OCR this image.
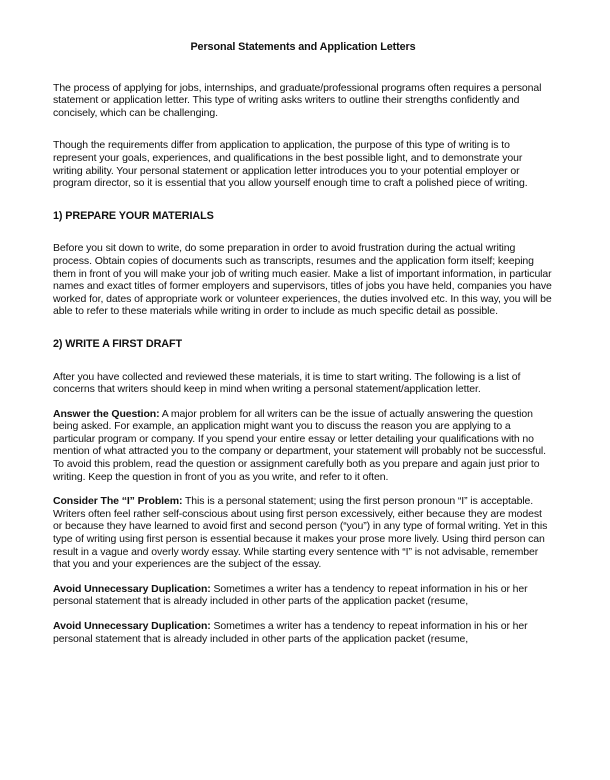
Personal Statements and Application Letters

The process of applying for jobs, internships, and graduate/professional programs often requires a personal statement or application letter. This type of writing asks writers to outline their strengths confidently and concisely, which can be challenging.

Though the requirements differ from application to application, the purpose of this type of writing is to represent your goals, experiences, and qualifications in the best possible light, and to demonstrate your writing ability. Your personal statement or application letter introduces you to your potential employer or program director, so it is essential that you allow yourself enough time to craft a polished piece of writing.

1) PREPARE YOUR MATERIALS

Before you sit down to write, do some preparation in order to avoid frustration during the actual writing process. Obtain copies of documents such as transcripts, resumes and the application form itself; keeping them in front of you will make your job of writing much easier. Make a list of important information, in particular names and exact titles of former employers and supervisors, titles of jobs you have held, companies you have worked for, dates of appropriate work or volunteer experiences, the duties involved etc. In this way, you will be able to refer to these materials while writing in order to include as much specific detail as possible.

2) WRITE A FIRST DRAFT

After you have collected and reviewed these materials, it is time to start writing. The following is a list of concerns that writers should keep in mind when writing a personal statement/application letter.

Answer the Question: A major problem for all writers can be the issue of actually answering the question being asked. For example, an application might want you to discuss the reason you are applying to a particular program or company. If you spend your entire essay or letter detailing your qualifications with no mention of what attracted you to the company or department, your statement will probably not be successful. To avoid this problem, read the question or assignment carefully both as you prepare and again just prior to writing. Keep the question in front of you as you write, and refer to it often.

Consider The “I” Problem: This is a personal statement; using the first person pronoun “I” is acceptable. Writers often feel rather self-conscious about using first person excessively, either because they are modest or because they have learned to avoid first and second person (“you”) in any type of formal writing. Yet in this type of writing using first person is essential because it makes your prose more lively. Using third person can result in a vague and overly wordy essay. While starting every sentence with “I” is not advisable, remember that you and your experiences are the subject of the essay.

Avoid Unnecessary Duplication: Sometimes a writer has a tendency to repeat information in his or her personal statement that is already included in other parts of the application packet (resume,

Avoid Unnecessary Duplication: Sometimes a writer has a tendency to repeat information in his or her personal statement that is already included in other parts of the application packet (resume,
